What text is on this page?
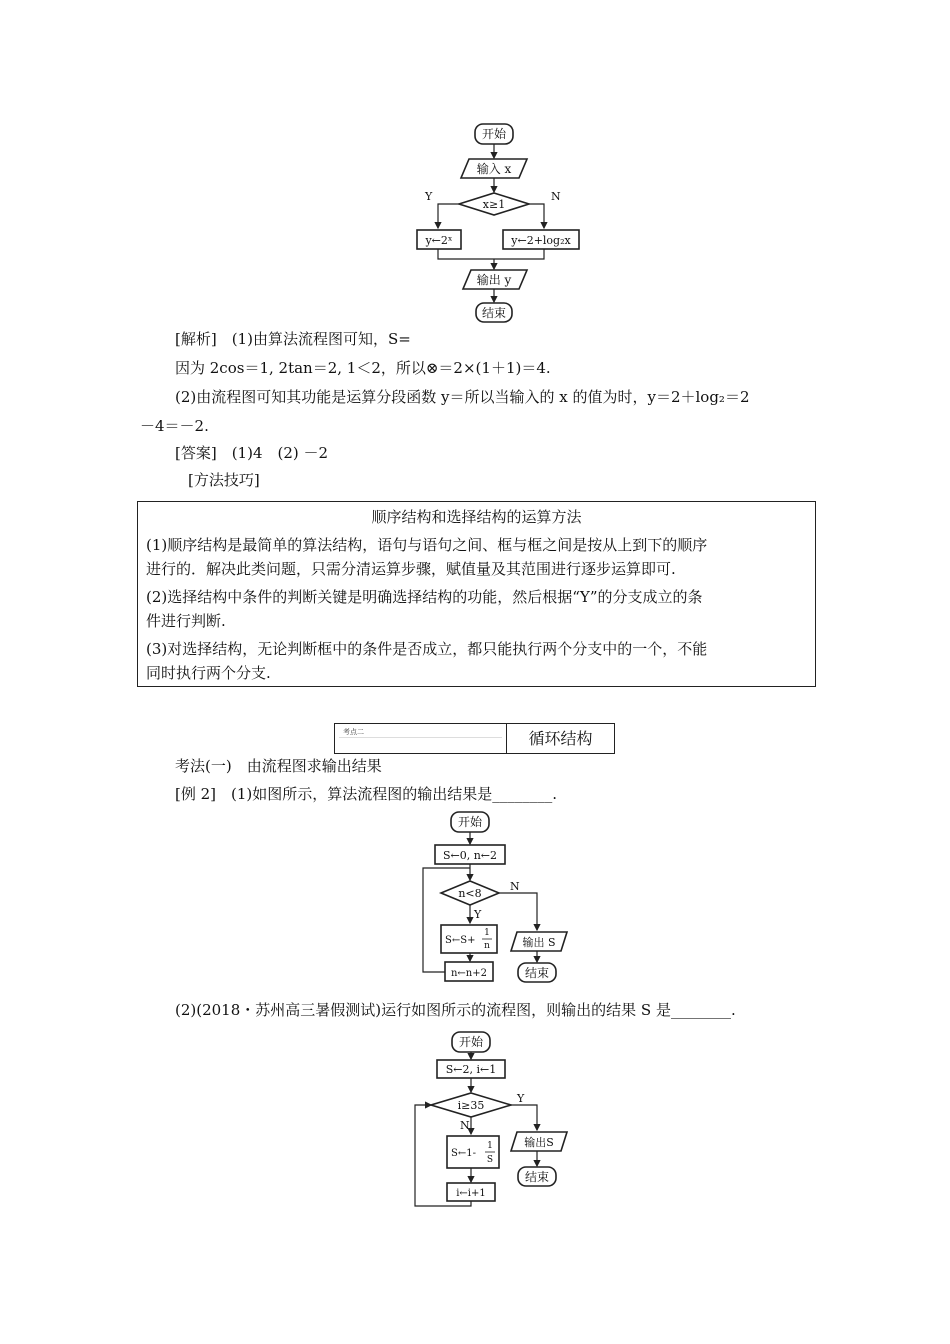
开始
输入 x
x≥1
Y	N
y←2ˣ	y←2+log₂x
输出 y
结束
[解析]　(1)由算法流程图可知，S=
因为 2cos＝1, 2tan＝2, 1＜2，所以⊗＝2×(1＋1)＝4.
(2)由流程图可知其功能是运算分段函数 y＝所以当输入的 x 的值为时，y＝2＋log₂＝2
－4＝－2.
[答案]　(1)4　(2) －2
[方法技巧]
顺序结构和选择结构的运算方法
(1)顺序结构是最简单的算法结构，语句与语句之间、框与框之间是按从上到下的顺序
进行的．解决此类问题，只需分清运算步骤，赋值量及其范围进行逐步运算即可.
(2)选择结构中条件的判断关键是明确选择结构的功能，然后根据“Y”的分支成立的条
件进行判断.
(3)对选择结构，无论判断框中的条件是否成立，都只能执行两个分支中的一个，不能
同时执行两个分支.
考点二	循环结构
考法(一)　由流程图求输出结果
[例 2]　(1)如图所示，算法流程图的输出结果是________.
开始
S←0, n←2
n<8
N
Y
S←S+
1
n
n←n+2
输出 S
结束
(2)(2018・苏州高三暑假测试)运行如图所示的流程图，则输出的结果 S 是________.
开始
S←2, i←1
i≥35
Y
N
S←1-
1
S
i←i+1
输出S
结束
